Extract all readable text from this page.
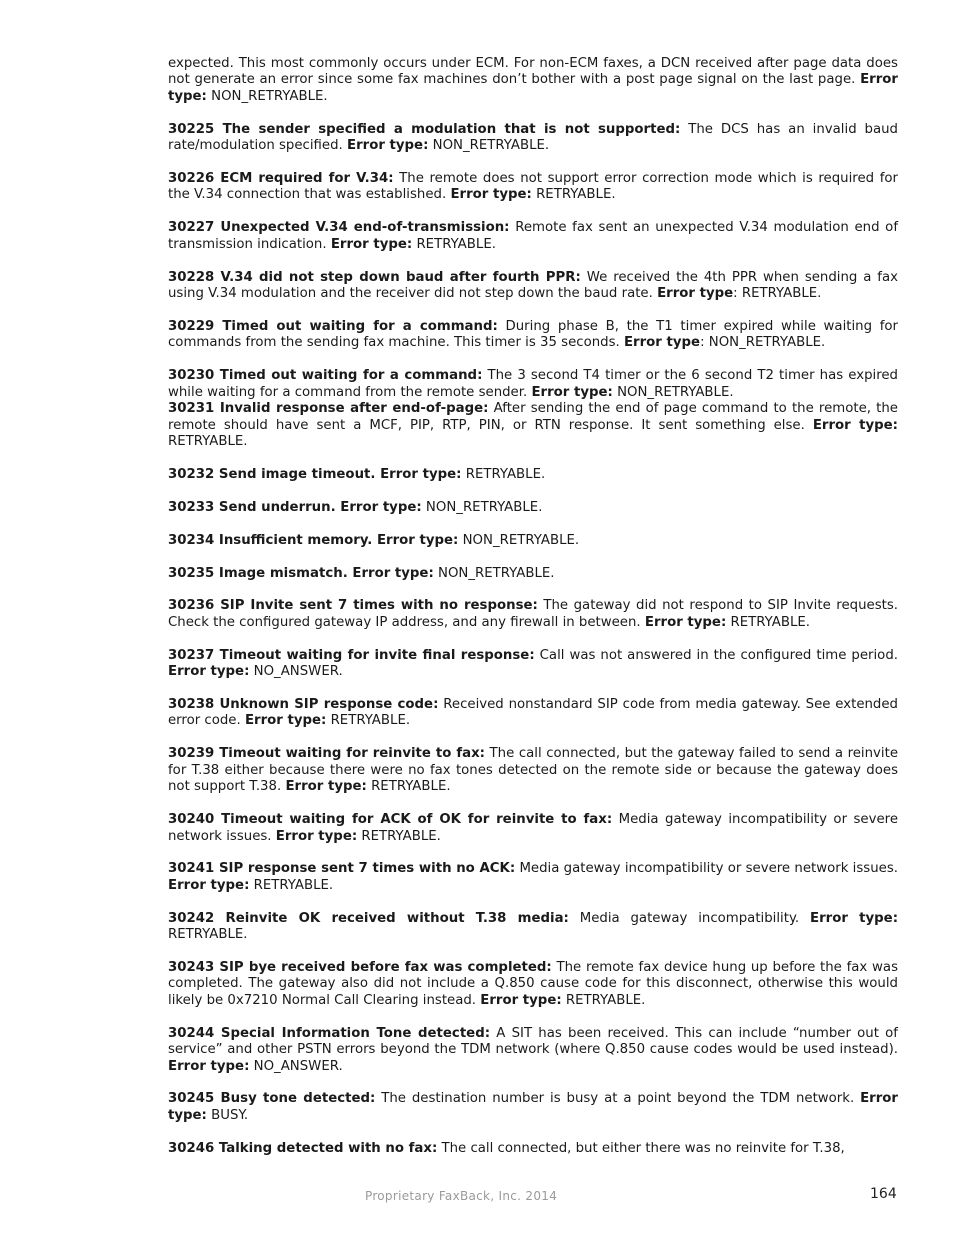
expected. This most commonly occurs under ECM. For non-ECM faxes, a DCN received after page data does not generate an error since some fax machines don’t bother with a post page signal on the last page. Error type: NON_RETRYABLE.

30225 The sender specified a modulation that is not supported: The DCS has an invalid baud rate/modulation specified. Error type: NON_RETRYABLE.

30226 ECM required for V.34: The remote does not support error correction mode which is required for the V.34 connection that was established. Error type: RETRYABLE.

30227 Unexpected V.34 end-of-transmission: Remote fax sent an unexpected V.34 modulation end of transmission indication. Error type: RETRYABLE.

30228 V.34 did not step down baud after fourth PPR: We received the 4th PPR when sending a fax using V.34 modulation and the receiver did not step down the baud rate. Error type: RETRYABLE.

30229 Timed out waiting for a command: During phase B, the T1 timer expired while waiting for commands from the sending fax machine. This timer is 35 seconds. Error type: NON_RETRYABLE.

30230 Timed out waiting for a command: The 3 second T4 timer or the 6 second T2 timer has expired while waiting for a command from the remote sender. Error type: NON_RETRYABLE.

30231 Invalid response after end-of-page: After sending the end of page command to the remote, the remote should have sent a MCF, PIP, RTP, PIN, or RTN response. It sent something else. Error type: RETRYABLE.

30232 Send image timeout. Error type: RETRYABLE.

30233 Send underrun. Error type: NON_RETRYABLE.

30234 Insufficient memory. Error type: NON_RETRYABLE.

30235 Image mismatch. Error type: NON_RETRYABLE.

30236 SIP Invite sent 7 times with no response: The gateway did not respond to SIP Invite requests. Check the configured gateway IP address, and any firewall in between. Error type: RETRYABLE.

30237 Timeout waiting for invite final response: Call was not answered in the configured time period. Error type: NO_ANSWER.

30238 Unknown SIP response code: Received nonstandard SIP code from media gateway. See extended error code. Error type: RETRYABLE.

30239 Timeout waiting for reinvite to fax: The call connected, but the gateway failed to send a reinvite for T.38 either because there were no fax tones detected on the remote side or because the gateway does not support T.38. Error type: RETRYABLE.

30240 Timeout waiting for ACK of OK for reinvite to fax: Media gateway incompatibility or severe network issues. Error type: RETRYABLE.

30241 SIP response sent 7 times with no ACK: Media gateway incompatibility or severe network issues. Error type: RETRYABLE.

30242 Reinvite OK received without T.38 media: Media gateway incompatibility. Error type: RETRYABLE.

30243 SIP bye received before fax was completed: The remote fax device hung up before the fax was completed. The gateway also did not include a Q.850 cause code for this disconnect, otherwise this would likely be 0x7210 Normal Call Clearing instead. Error type: RETRYABLE.

30244 Special Information Tone detected: A SIT has been received. This can include “number out of service” and other PSTN errors beyond the TDM network (where Q.850 cause codes would be used instead). Error type: NO_ANSWER.

30245 Busy tone detected: The destination number is busy at a point beyond the TDM network. Error type: BUSY.

30246 Talking detected with no fax: The call connected, but either there was no reinvite for T.38,

Proprietary FaxBack, Inc. 2014	164
